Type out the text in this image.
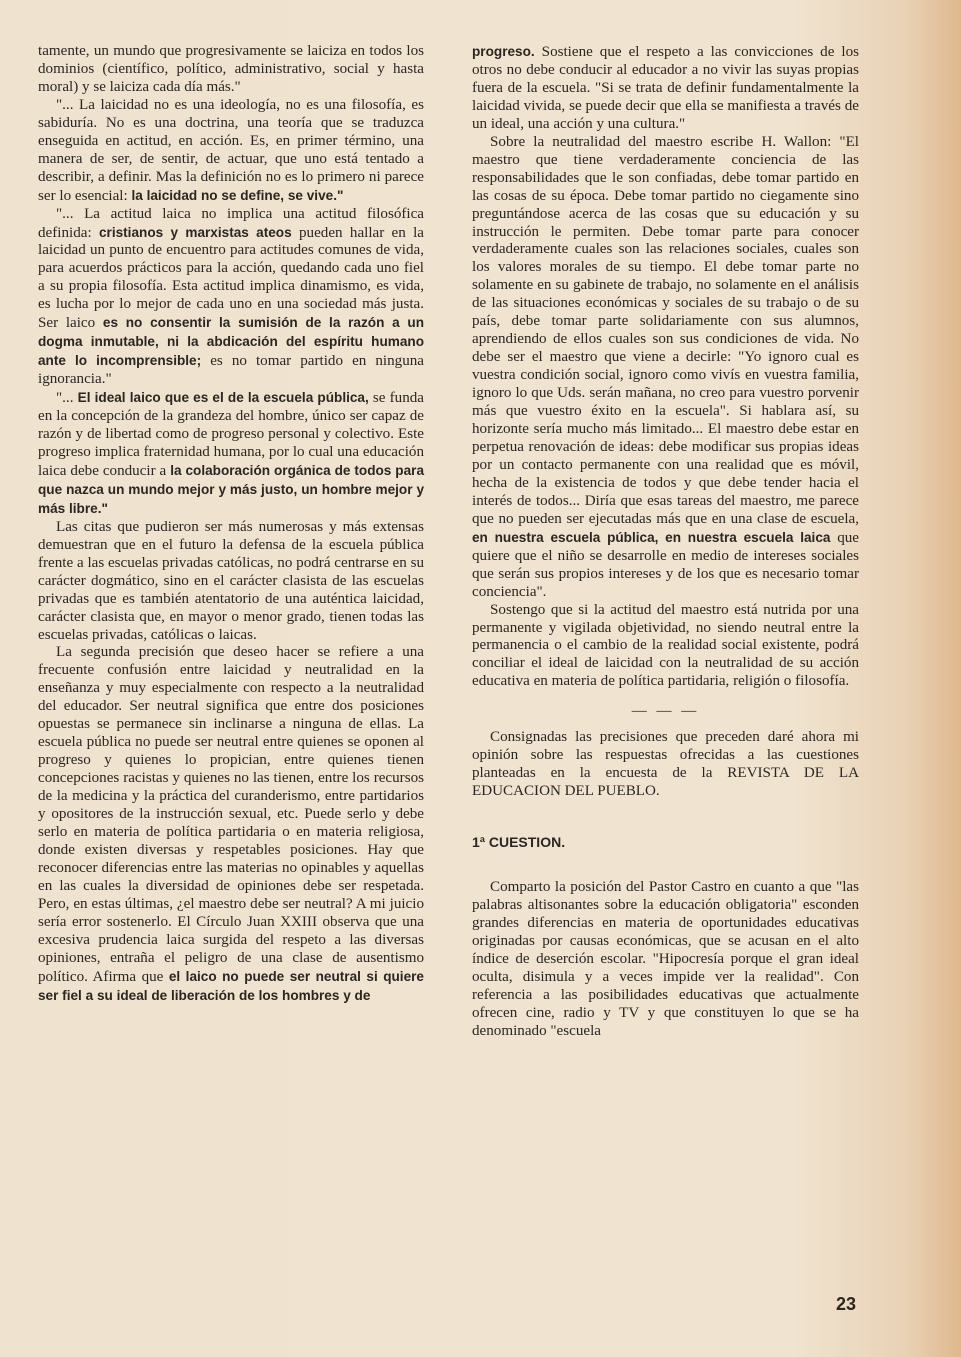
tamente, un mundo que progresivamente se laiciza en todos los dominios (científico, político, administrativo, social y hasta moral) y se laiciza cada día más."

"... La laicidad no es una ideología, no es una filosofía, es sabiduría. No es una doctrina, una teoría que se traduzca enseguida en actitud, en acción. Es, en primer término, una manera de ser, de sentir, de actuar, que uno está tentado a describir, a definir. Mas la definición no es lo primero ni parece ser lo esencial: la laicidad no se define, se vive."

"... La actitud laica no implica una actitud filosófica definida: cristianos y marxistas ateos pueden hallar en la laicidad un punto de encuentro para actitudes comunes de vida, para acuerdos prácticos para la acción, quedando cada uno fiel a su propia filosofía. Esta actitud implica dinamismo, es vida, es lucha por lo mejor de cada uno en una sociedad más justa. Ser laico es no consentir la sumisión de la razón a un dogma inmutable, ni la abdicación del espíritu humano ante lo incomprensible; es no tomar partido en ninguna ignorancia."

"... El ideal laico que es el de la escuela pública, se funda en la concepción de la grandeza del hombre, único ser capaz de razón y de libertad como de progreso personal y colectivo. Este progreso implica fraternidad humana, por lo cual una educación laica debe conducir a la colaboración orgánica de todos para que nazca un mundo mejor y más justo, un hombre mejor y más libre."

Las citas que pudieron ser más numerosas y más extensas demuestran que en el futuro la defensa de la escuela pública frente a las escuelas privadas católicas, no podrá centrarse en su carácter dogmático, sino en el carácter clasista de las escuelas privadas que es también atentatorio de una auténtica laicidad, carácter clasista que, en mayor o menor grado, tienen todas las escuelas privadas, católicas o laicas.

La segunda precisión que deseo hacer se refiere a una frecuente confusión entre laicidad y neutralidad en la enseñanza y muy especialmente con respecto a la neutralidad del educador. Ser neutral significa que entre dos posiciones opuestas se permanece sin inclinarse a ninguna de ellas. La escuela pública no puede ser neutral entre quienes se oponen al progreso y quienes lo propician, entre quienes tienen concepciones racistas y quienes no las tienen, entre los recursos de la medicina y la práctica del curanderismo, entre partidarios y opositores de la instrucción sexual, etc. Puede serlo y debe serlo en materia de política partidaria o en materia religiosa, donde existen diversas y respetables posiciones. Hay que reconocer diferencias entre las materias no opinables y aquellas en las cuales la diversidad de opiniones debe ser respetada. Pero, en estas últimas, ¿el maestro debe ser neutral? A mi juicio sería error sostenerlo. El Círculo Juan XXIII observa que una excesiva prudencia laica surgida del respeto a las diversas opiniones, entraña el peligro de una clase de ausentismo político. Afirma que el laico no puede ser neutral si quiere ser fiel a su ideal de liberación de los hombres y de

progreso. Sostiene que el respeto a las convicciones de los otros no debe conducir al educador a no vivir las suyas propias fuera de la escuela. "Si se trata de definir fundamentalmente la laicidad vivida, se puede decir que ella se manifiesta a través de un ideal, una acción y una cultura."

Sobre la neutralidad del maestro escribe H. Wallon: "El maestro que tiene verdaderamente conciencia de las responsabilidades que le son confiadas, debe tomar partido en las cosas de su época. Debe tomar partido no ciegamente sino preguntándose acerca de las cosas que su educación y su instrucción le permiten. Debe tomar parte para conocer verdaderamente cuales son las relaciones sociales, cuales son los valores morales de su tiempo. El debe tomar parte no solamente en su gabinete de trabajo, no solamente en el análisis de las situaciones económicas y sociales de su trabajo o de su país, debe tomar parte solidariamente con sus alumnos, aprendiendo de ellos cuales son sus condiciones de vida. No debe ser el maestro que viene a decirle: "Yo ignoro cual es vuestra condición social, ignoro como vivís en vuestra familia, ignoro lo que Uds. serán mañana, no creo para vuestro porvenir más que vuestro éxito en la escuela". Si hablara así, su horizonte sería mucho más limitado... El maestro debe estar en perpetua renovación de ideas: debe modificar sus propias ideas por un contacto permanente con una realidad que es móvil, hecha de la existencia de todos y que debe tender hacia el interés de todos... Diría que esas tareas del maestro, me parece que no pueden ser ejecutadas más que en una clase de escuela, en nuestra escuela pública, en nuestra escuela laica que quiere que el niño se desarrolle en medio de intereses sociales que serán sus propios intereses y de los que es necesario tomar conciencia".

Sostengo que si la actitud del maestro está nutrida por una permanente y vigilada objetividad, no siendo neutral entre la permanencia o el cambio de la realidad social existente, podrá conciliar el ideal de laicidad con la neutralidad de su acción educativa en materia de política partidaria, religión o filosofía.

— — —

Consignadas las precisiones que preceden daré ahora mi opinión sobre las respuestas ofrecidas a las cuestiones planteadas en la encuesta de la REVISTA DE LA EDUCACION DEL PUEBLO.

1ª CUESTION.

Comparto la posición del Pastor Castro en cuanto a que "las palabras altisonantes sobre la educación obligatoria" esconden grandes diferencias en materia de oportunidades educativas originadas por causas económicas, que se acusan en el alto índice de deserción escolar. "Hipocresía porque el gran ideal oculta, disimula y a veces impide ver la realidad". Con referencia a las posibilidades educativas que actualmente ofrecen cine, radio y TV y que constituyen lo que se ha denominado "escuela

23
